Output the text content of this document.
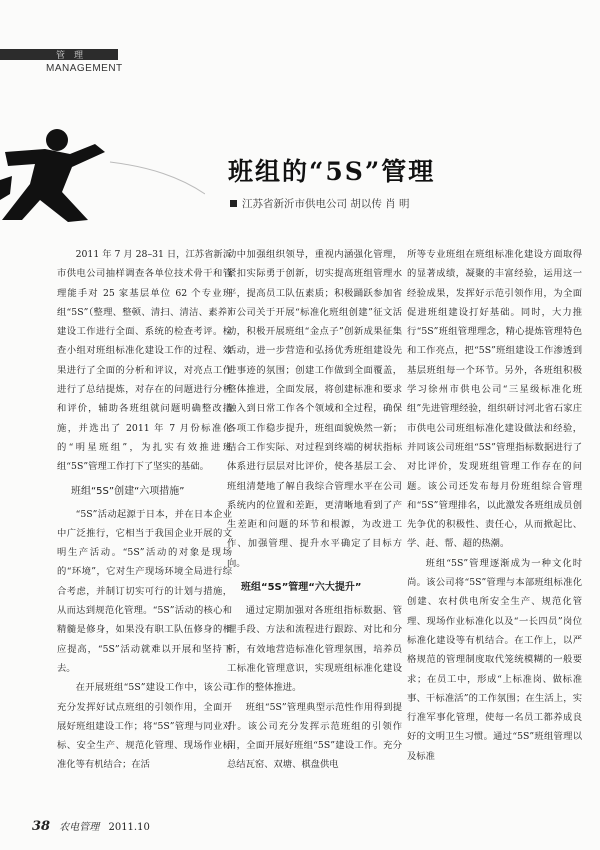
管理
MANAGEMENT
班组的“5S”管理
江苏省新沂市供电公司 胡以传 肖 明

2011 年 7 月 28–31 日，江苏省新沂市供电公司抽样调查各单位技术骨干和管理能手对 25 家基层单位 62 个专业班组“5S”（整理、整顿、清扫、清洁、素养）建设工作进行全面、系统的检查考评。检查小组对班组标准化建设工作的过程、效果进行了全面的分析和评议，对亮点工作进行了总结提炼，对存在的问题进行分析和评价，辅助各班组就问题明确整改措施，并选出了 2011 年 7 月份标准化的“明星班组”，为扎实有效推进班组“5S”管理工作打下了坚实的基础。

班组“5S”创建“六项措施”

“5S”活动起源于日本，并在日本企业中广泛推行，它相当于我国企业开展的文明生产活动。“5S”活动的对象是现场的“环境”，它对生产现场环境全局进行综合考虑，并制订切实可行的计划与措施，从而达到规范化管理。“5S”活动的核心和精髓是修身，如果没有职工队伍修身的相应提高，“5S”活动就难以开展和坚持下去。

在开展班组“5S”建设工作中，该公司充分发挥好试点班组的引领作用，全面开展好班组建设工作；将“5S”管理与同业对标、安全生产、规范化管理、现场作业标准化等有机结合；在活

动中加强组织领导，重视内涵强化管理，紧扣实际勇于创新，切实提高班组管理水平，提高员工队伍素质；积极踊跃参加省市公司关于开展“标准化班组创建”征文活动，积极开展班组“金点子”创新成果征集活动，进一步营造和弘扬优秀班组建设先进事迹的氛围；创建工作做到全面覆盖，整体推进，全面发展，将创建标准和要求融入到日常工作各个领域和全过程，确保各项工作稳步提升，班组面貌焕然一新；结合工作实际、对过程到终端的树状指标体系进行层层对比评价，使各基层工会、班组清楚地了解自我综合管理水平在公司系统内的位置和差距，更清晰地看到了产生差距和问题的环节和根源，为改进工作、加强管理、提升水平确定了目标方向。

班组“5S”管理“六大提升”

通过定期加强对各班组指标数据、管理手段、方法和流程进行跟踪、对比和分析，有效地营造标准化管理氛围，培养员工标准化管理意识，实现班组标准化建设工作的整体推进。

班组“5S”管理典型示范性作用得到提升。该公司充分发挥示范班组的引领作用，全面开展好班组“5S”建设工作。充分总结瓦窑、双塘、棋盘供电

所等专业班组在班组标准化建设方面取得的显著成绩，凝聚的丰富经验，运用这一经验成果，发挥好示范引领作用，为全面促进班组建设打好基础。同时，大力推行“5S”班组管理理念，精心提炼管理特色和工作亮点，把“5S”班组建设工作渗透到基层班组每一个环节。另外，各班组积极学习徐州市供电公司“三星级标准化班组”先进管理经验，组织研讨河北省石家庄市供电公司班组标准化建设做法和经验，并同该公司班组“5S”管理指标数据进行了对比评价，发现班组管理工作存在的问题。该公司还发布每月份班组综合管理和“5S”管理排名，以此激发各班组成员创先争优的积极性、责任心，从而掀起比、学、赶、帮、超的热潮。

班组“5S”管理逐渐成为一种文化时尚。该公司将“5S”管理与本部班组标准化创建、农村供电所安全生产、规范化管理、现场作业标准化以及“一长四员”岗位标准化建设等有机结合。在工作上，以严格规范的管理制度取代笼统模糊的一般要求；在员工中，形成“上标准岗、做标准事、干标准活”的工作氛围；在生活上，实行准军事化管理，使每一名员工都养成良好的文明卫生习惯。通过“5S”班组管理以及标准

38 农电管理 2011.10
